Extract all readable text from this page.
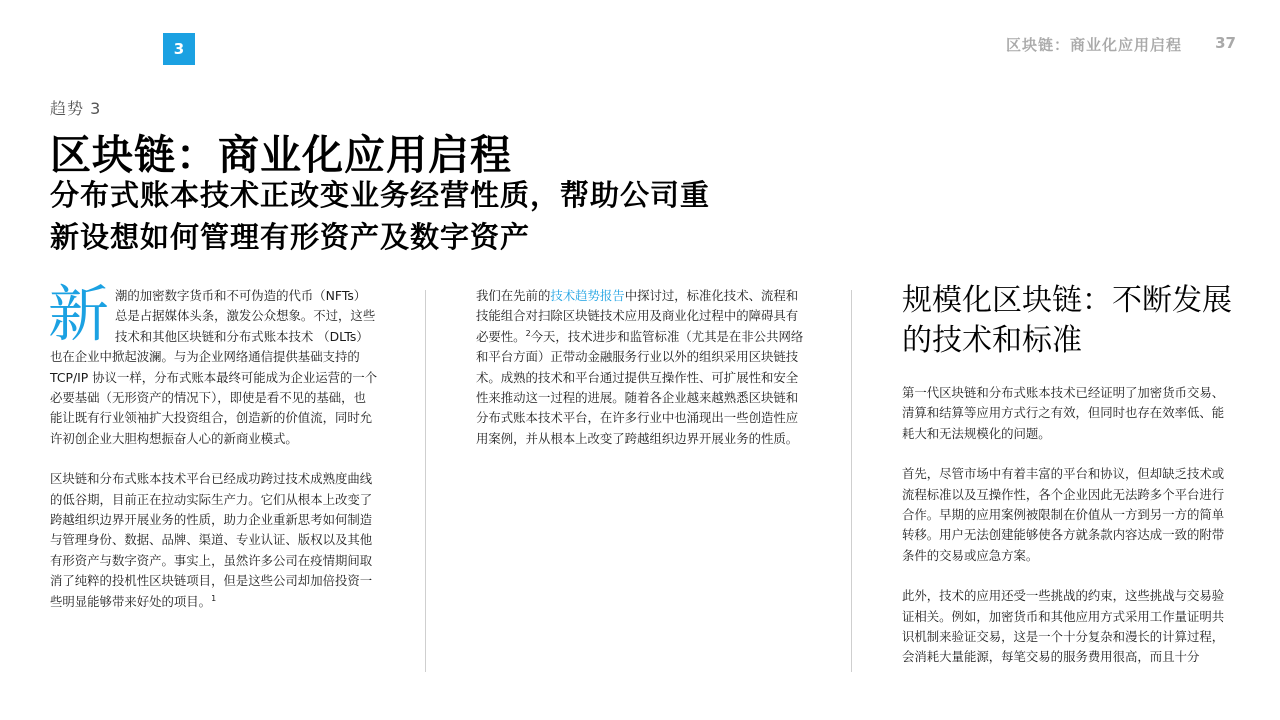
3	区块链：商业化应用启程 37
趋势 3
区块链：商业化应用启程
分布式账本技术正改变业务经营性质，帮助公司重新设想如何管理有形资产及数字资产

新潮的加密数字货币和不可伪造的代币（NFTs）总是占据媒体头条，激发公众想象。不过，这些技术和其他区块链和分布式账本技术 （DLTs）也在企业中掀起波澜。与为企业网络通信提供基础支持的TCP/IP 协议一样，分布式账本最终可能成为企业运营的一个必要基础（无形资产的情况下），即使是看不见的基础，也能让既有行业领袖扩大投资组合，创造新的价值流，同时允许初创企业大胆构想振奋人心的新商业模式。

区块链和分布式账本技术平台已经成功跨过技术成熟度曲线的低谷期，目前正在拉动实际生产力。它们从根本上改变了跨越组织边界开展业务的性质，助力企业重新思考如何制造与管理身份、数据、品牌、渠道、专业认证、版权以及其他有形资产与数字资产。事实上，虽然许多公司在疫情期间取消了纯粹的投机性区块链项目，但是这些公司却加倍投资一些明显能够带来好处的项目。$^1$

我们在先前的技术趋势报告中探讨过，标准化技术、流程和技能组合对扫除区块链技术应用及商业化过程中的障碍具有必要性。$^2$今天，技术进步和监管标准（尤其是在非公共网络和平台方面）正带动金融服务行业以外的组织采用区块链技术。成熟的技术和平台通过提供互操作性、可扩展性和安全性来推动这一过程的进展。随着各企业越来越熟悉区块链和分布式账本技术平台，在许多行业中也涌现出一些创造性应用案例，并从根本上改变了跨越组织边界开展业务的性质。

规模化区块链：不断发展的技术和标准

第一代区块链和分布式账本技术已经证明了加密货币交易、清算和结算等应用方式行之有效，但同时也存在效率低、能耗大和无法规模化的问题。

首先，尽管市场中有着丰富的平台和协议，但却缺乏技术或流程标准以及互操作性，各个企业因此无法跨多个平台进行合作。早期的应用案例被限制在价值从一方到另一方的简单转移。用户无法创建能够使各方就条款内容达成一致的附带条件的交易或应急方案。

此外，技术的应用还受一些挑战的约束，这些挑战与交易验证相关。例如，加密货币和其他应用方式采用工作量证明共识机制来验证交易，这是一个十分复杂和漫长的计算过程，会消耗大量能源，每笔交易的服务费用很高，而且十分
